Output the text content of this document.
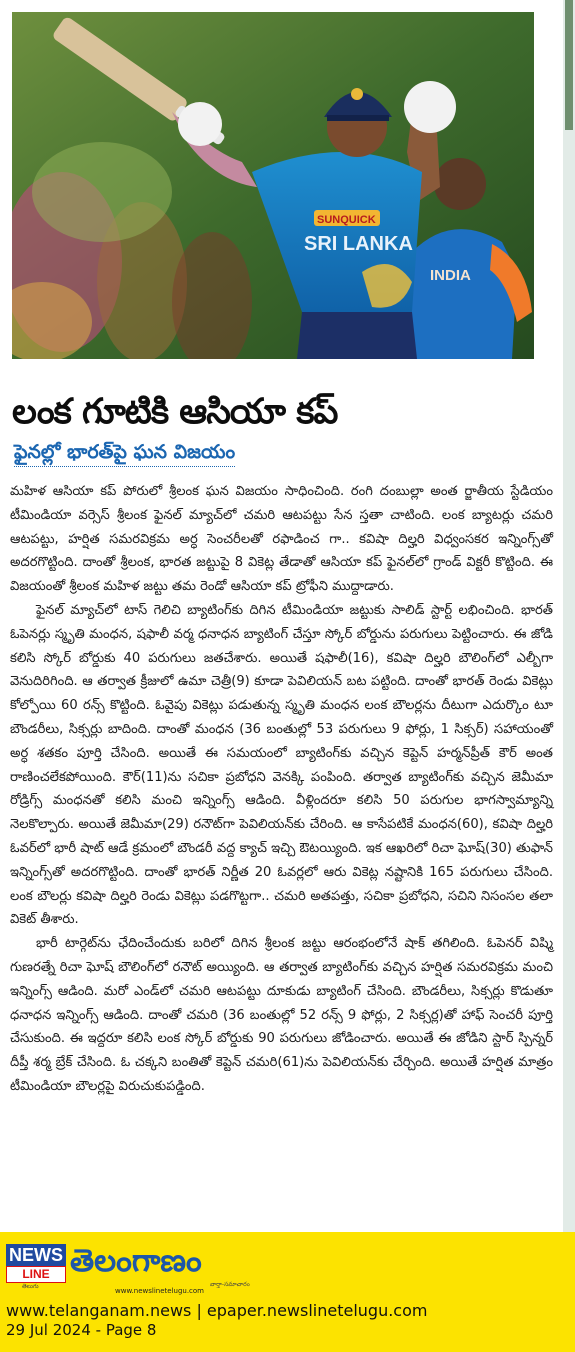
INDIA
SUNQUICK
SRI LANKA
లంక గూటికి ఆసియా కప్
ఫైనల్లో భారత్‌పై ఘన విజయం

మహిళ ఆసియా కప్ పోరులో శ్రీలంక ఘన విజయం సాధించింది. రంగి దంబుల్లా అంత ర్జాతీయ స్టేడియం టీమిండియా వర్సెస్ శ్రీలంక ఫైనల్ మ్యాచ్‌లో చమరి ఆటపట్టు సేన స్తతా చాటింది. లంక బ్యాటర్లు చమరి ఆటపట్టు, హర్షిత సమరవిక్రమ అర్ధ సెంచరీలతో రఫాడించ గా.. కవిషా దిల్హరి విధ్వంసకర ఇన్నింగ్స్‌తో అదరగొట్టింది. దాంతో శ్రీలంక, భారత జట్టుపై 8 వికెట్ల తేడాతో ఆసియా కప్ ఫైనల్‌లో గ్రాండ్ విక్టరీ కొట్టింది. ఈ విజయంతో శ్రీలంక మహిళ జట్టు తమ రెండో ఆసియా కప్ ట్రోఫీని ముద్దాడారు.

ఫైనల్ మ్యాచ్‌లో టాస్ గెలిచి బ్యాటింగ్‌కు దిగిన టీమిండియా జట్టుకు సాలిడ్ స్టార్ట్ లభించింది. భారత్ ఓపెనర్లు స్మృతి మంధన, షఫాలీ వర్మ ధనాధన బ్యాటింగ్ చేస్తూ స్కోర్ బోర్డును పరుగులు పెట్టించారు. ఈ జోడి కలిసి స్కోర్ బోర్డుకు 40 పరుగులు జతచేశారు. అయితే షఫాలీ(16), కవిషా దిల్హరి బౌలింగ్‌లో ఎల్బీగా వెనుదిరిగింది. ఆ తర్వాత క్రీజులో ఉమా చెత్రీ(9) కూడా పెవిలియన్ బట పట్టింది. దాంతో భారత్ రెండు వికెట్లు కోల్పోయి 60 రన్స్ కొట్టింది. ఓవైపు వికెట్లు పడుతున్న స్మృతి మంధన లంక బౌలర్లను దీటుగా ఎదుర్కొం టూ బౌండరీలు, సిక్సర్లు బాదింది. దాంతో మంధన (36 బంతుల్లో 53 పరుగులు 9 ఫోర్లు, 1 సిక్సర్) సహాయంతో అర్ధ శతకం పూర్తి చేసింది. అయితే ఈ సమయంలో బ్యాటింగ్‌కు వచ్చిన కెప్టెన్ హర్మన్‌ప్రీత్ కౌర్ అంత రాణించలేకపోయింది. కౌర్(11)ను సచికా ప్రబోధని వెనక్కి పంపింది. తర్వాత బ్యాటింగ్‌కు వచ్చిన జెమీమా రోడ్రిగ్స్ మంధనతో కలిసి మంచి ఇన్నింగ్స్ ఆడింది. వీళ్లిందరూ కలిసి 50 పరుగుల భాగస్వామ్యాన్ని నెలకొల్పారు. అయితే జెమీమా(29) రనౌట్‌గా పెవిలియన్‌కు చేరింది. ఆ కాసేపటికే మంధన(60), కవిషా దిల్హరి ఓవర్‌లో భారీ షాట్ ఆడే క్రమంలో బౌండరీ వద్ద క్యాచ్ ఇచ్చి ఔటయ్యింది. ఇక ఆఖరిలో రిచా ఘోష్(30) తుఫాన్ ఇన్నింగ్స్‌తో అదరగొట్టింది. దాంతో భారత్ నిర్ణీత 20 ఓవర్లలో ఆరు వికెట్ల నష్టానికి 165 పరుగులు చేసింది. లంక బౌలర్లు కవిషా దిల్హరి రెండు వికెట్లు పడగొట్టగా.. చమరి అతపత్తు, సచికా ప్రబోధని, సచిని నిసంసల తలా వికెట్ తీశారు.

భారీ టార్గెట్‌ను ఛేదించేందుకు బరిలో దిగిన శ్రీలంక జట్టు ఆరంభంలోనే షాక్ తగిలింది. ఓపెనర్ విష్మి గుణరత్నే రిచా ఘోష్ బౌలింగ్‌లో రనౌట్ అయ్యింది. ఆ తర్వాత బ్యాటింగ్‌కు వచ్చిన హర్షిత సమరవిక్రమ మంచి ఇన్నింగ్స్ ఆడింది. మరో ఎండ్‌లో చమరి ఆటపట్టు దూకుడు బ్యాటింగ్ చేసింది. బౌండరీలు, సిక్సర్లు కొడుతూ ధనాధన ఇన్నింగ్స్ ఆడింది. దాంతో చమరి (36 బంతుల్లో 52 రన్స్ 9 ఫోర్లు, 2 సిక్సర్ల)తో హాఫ్ సెంచరీ పూర్తి చేసుకుంది. ఈ ఇద్దరూ కలిసి లంక స్కోర్ బోర్డుకు 90 పరుగులు జోడించారు. అయితే ఈ జోడిని స్టార్ స్పిన్నర్ దీప్తీ శర్మ బ్రేక్ చేసింది. ఓ చక్కని బంతితో కెప్టెన్ చమరి(61)ను పెవిలియన్‌కు చేర్చింది. అయితే హర్షిత మాత్రం టీమిండియా బౌలర్లపై విరుచుకుపడ్డింది.

NEWS
LINE
తెలుగు
తెలంగాణం
వార్తా-సమాచారం
www.newslinetelugu.com
www.telanganam.news | epaper.newslinetelugu.com
29 Jul 2024 - Page 8
